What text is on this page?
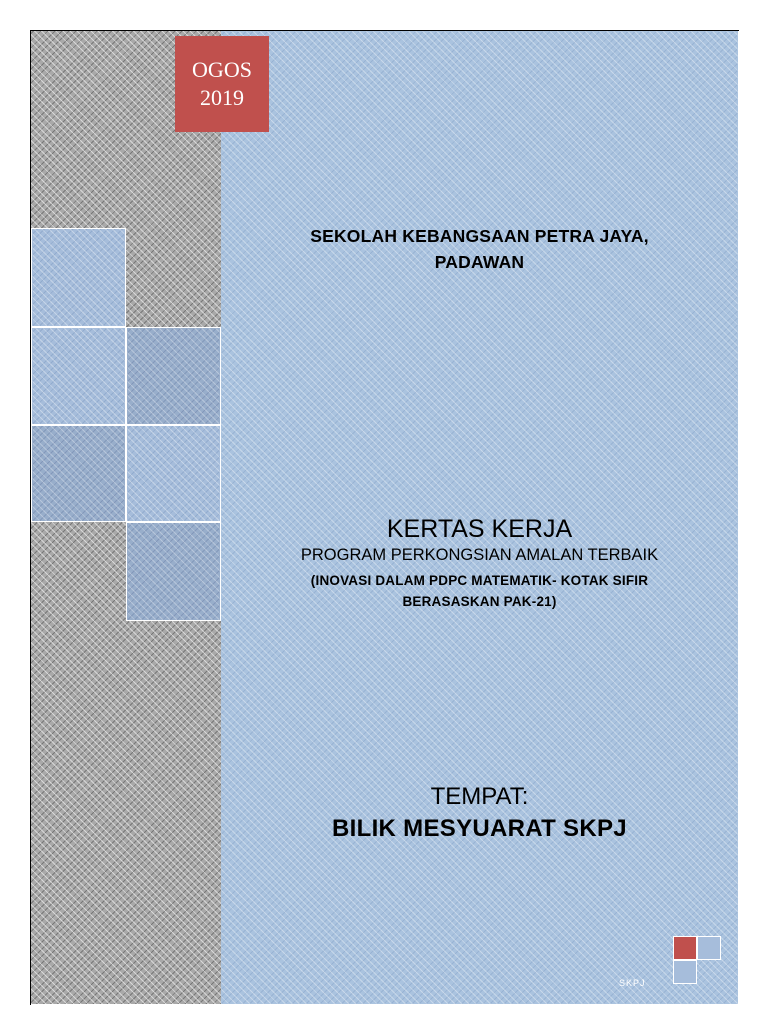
OGOS
2019
SEKOLAH KEBANGSAAN PETRA JAYA,
PADAWAN
KERTAS KERJA
PROGRAM PERKONGSIAN AMALAN TERBAIK
(INOVASI DALAM PDPC MATEMATIK- KOTAK SIFIR
BERASASKAN PAK-21)
TEMPAT:
BILIK MESYUARAT SKPJ
SKPJ
